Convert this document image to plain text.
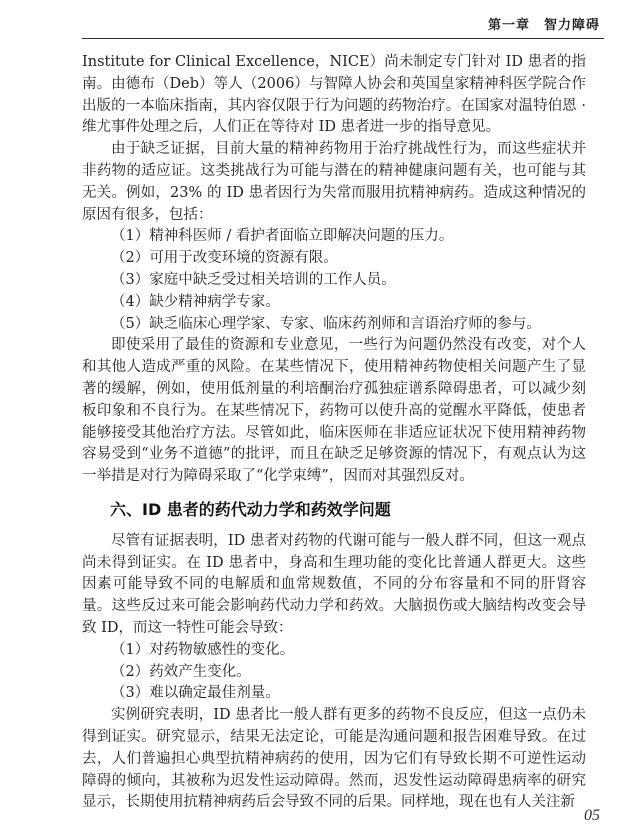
第一章　智力障碍

Institute for Clinical Excellence，NICE）尚未制定专门针对 ID 患者的指南。由德布（Deb）等人（2006）与智障人协会和英国皇家精神科医学院合作出版的一本临床指南，其内容仅限于行为问题的药物治疗。在国家对温特伯恩 · 维尤事件处理之后，人们正在等待对 ID 患者进一步的指导意见。

由于缺乏证据，目前大量的精神药物用于治疗挑战性行为，而这些症状并非药物的适应证。这类挑战行为可能与潜在的精神健康问题有关，也可能与其无关。例如，23% 的 ID 患者因行为失常而服用抗精神病药。造成这种情况的原因有很多，包括：

（1）精神科医师 / 看护者面临立即解决问题的压力。

（2）可用于改变环境的资源有限。

（3）家庭中缺乏受过相关培训的工作人员。

（4）缺少精神病学专家。

（5）缺乏临床心理学家、专家、临床药剂师和言语治疗师的参与。

即使采用了最佳的资源和专业意见，一些行为问题仍然没有改变，对个人和其他人造成严重的风险。在某些情况下，使用精神药物使相关问题产生了显著的缓解，例如，使用低剂量的利培酮治疗孤独症谱系障碍患者，可以减少刻板印象和不良行为。在某些情况下，药物可以使升高的觉醒水平降低，使患者能够接受其他治疗方法。尽管如此，临床医师在非适应证状况下使用精神药物容易受到“业务不道德”的批评，而且在缺乏足够资源的情况下，有观点认为这一举措是对行为障碍采取了“化学束缚”，因而对其强烈反对。

六、ID 患者的药代动力学和药效学问题

尽管有证据表明，ID 患者对药物的代谢可能与一般人群不同，但这一观点尚未得到证实。在 ID 患者中，身高和生理功能的变化比普通人群更大。这些因素可能导致不同的电解质和血常规数值，不同的分布容量和不同的肝肾容量。这些反过来可能会影响药代动力学和药效。大脑损伤或大脑结构改变会导致 ID，而这一特性可能会导致：

（1）对药物敏感性的变化。

（2）药效产生变化。

（3）难以确定最佳剂量。

实例研究表明，ID 患者比一般人群有更多的药物不良反应，但这一点仍未得到证实。研究显示，结果无法定论，可能是沟通问题和报告困难导致。在过去，人们普遍担心典型抗精神病药的使用，因为它们有导致长期不可逆性运动障碍的倾向，其被称为迟发性运动障碍。然而，迟发性运动障碍患病率的研究显示，长期使用抗精神病药后会导致不同的后果。同样地，现在也有人关注新

05
